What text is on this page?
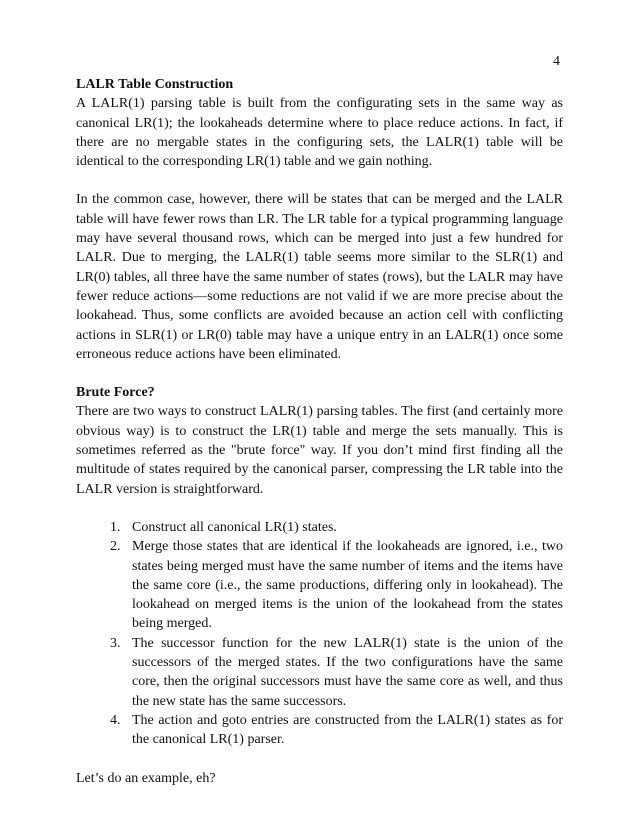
4
LALR Table Construction

A LALR(1) parsing table is built from the configurating sets in the same way as canonical LR(1); the lookaheads determine where to place reduce actions. In fact, if there are no mergable states in the configuring sets, the LALR(1) table will be identical to the corresponding LR(1) table and we gain nothing.

In the common case, however, there will be states that can be merged and the LALR table will have fewer rows than LR. The LR table for a typical programming language may have several thousand rows, which can be merged into just a few hundred for LALR. Due to merging, the LALR(1) table seems more similar to the SLR(1) and LR(0) tables, all three have the same number of states (rows), but the LALR may have fewer reduce actions—some reductions are not valid if we are more precise about the lookahead. Thus, some conflicts are avoided because an action cell with conflicting actions in SLR(1) or LR(0) table may have a unique entry in an LALR(1) once some erroneous reduce actions have been eliminated.

Brute Force?

There are two ways to construct LALR(1) parsing tables. The first (and certainly more obvious way) is to construct the LR(1) table and merge the sets manually. This is sometimes referred as the "brute force" way. If you don’t mind first finding all the multitude of states required by the canonical parser, compressing the LR table into the LALR version is straightforward.

1. Construct all canonical LR(1) states.
2. Merge those states that are identical if the lookaheads are ignored, i.e., two states being merged must have the same number of items and the items have the same core (i.e., the same productions, differing only in lookahead). The lookahead on merged items is the union of the lookahead from the states being merged.
3. The successor function for the new LALR(1) state is the union of the successors of the merged states. If the two configurations have the same core, then the original successors must have the same core as well, and thus the new state has the same successors.
4. The action and goto entries are constructed from the LALR(1) states as for the canonical LR(1) parser.

Let’s do an example, eh?
